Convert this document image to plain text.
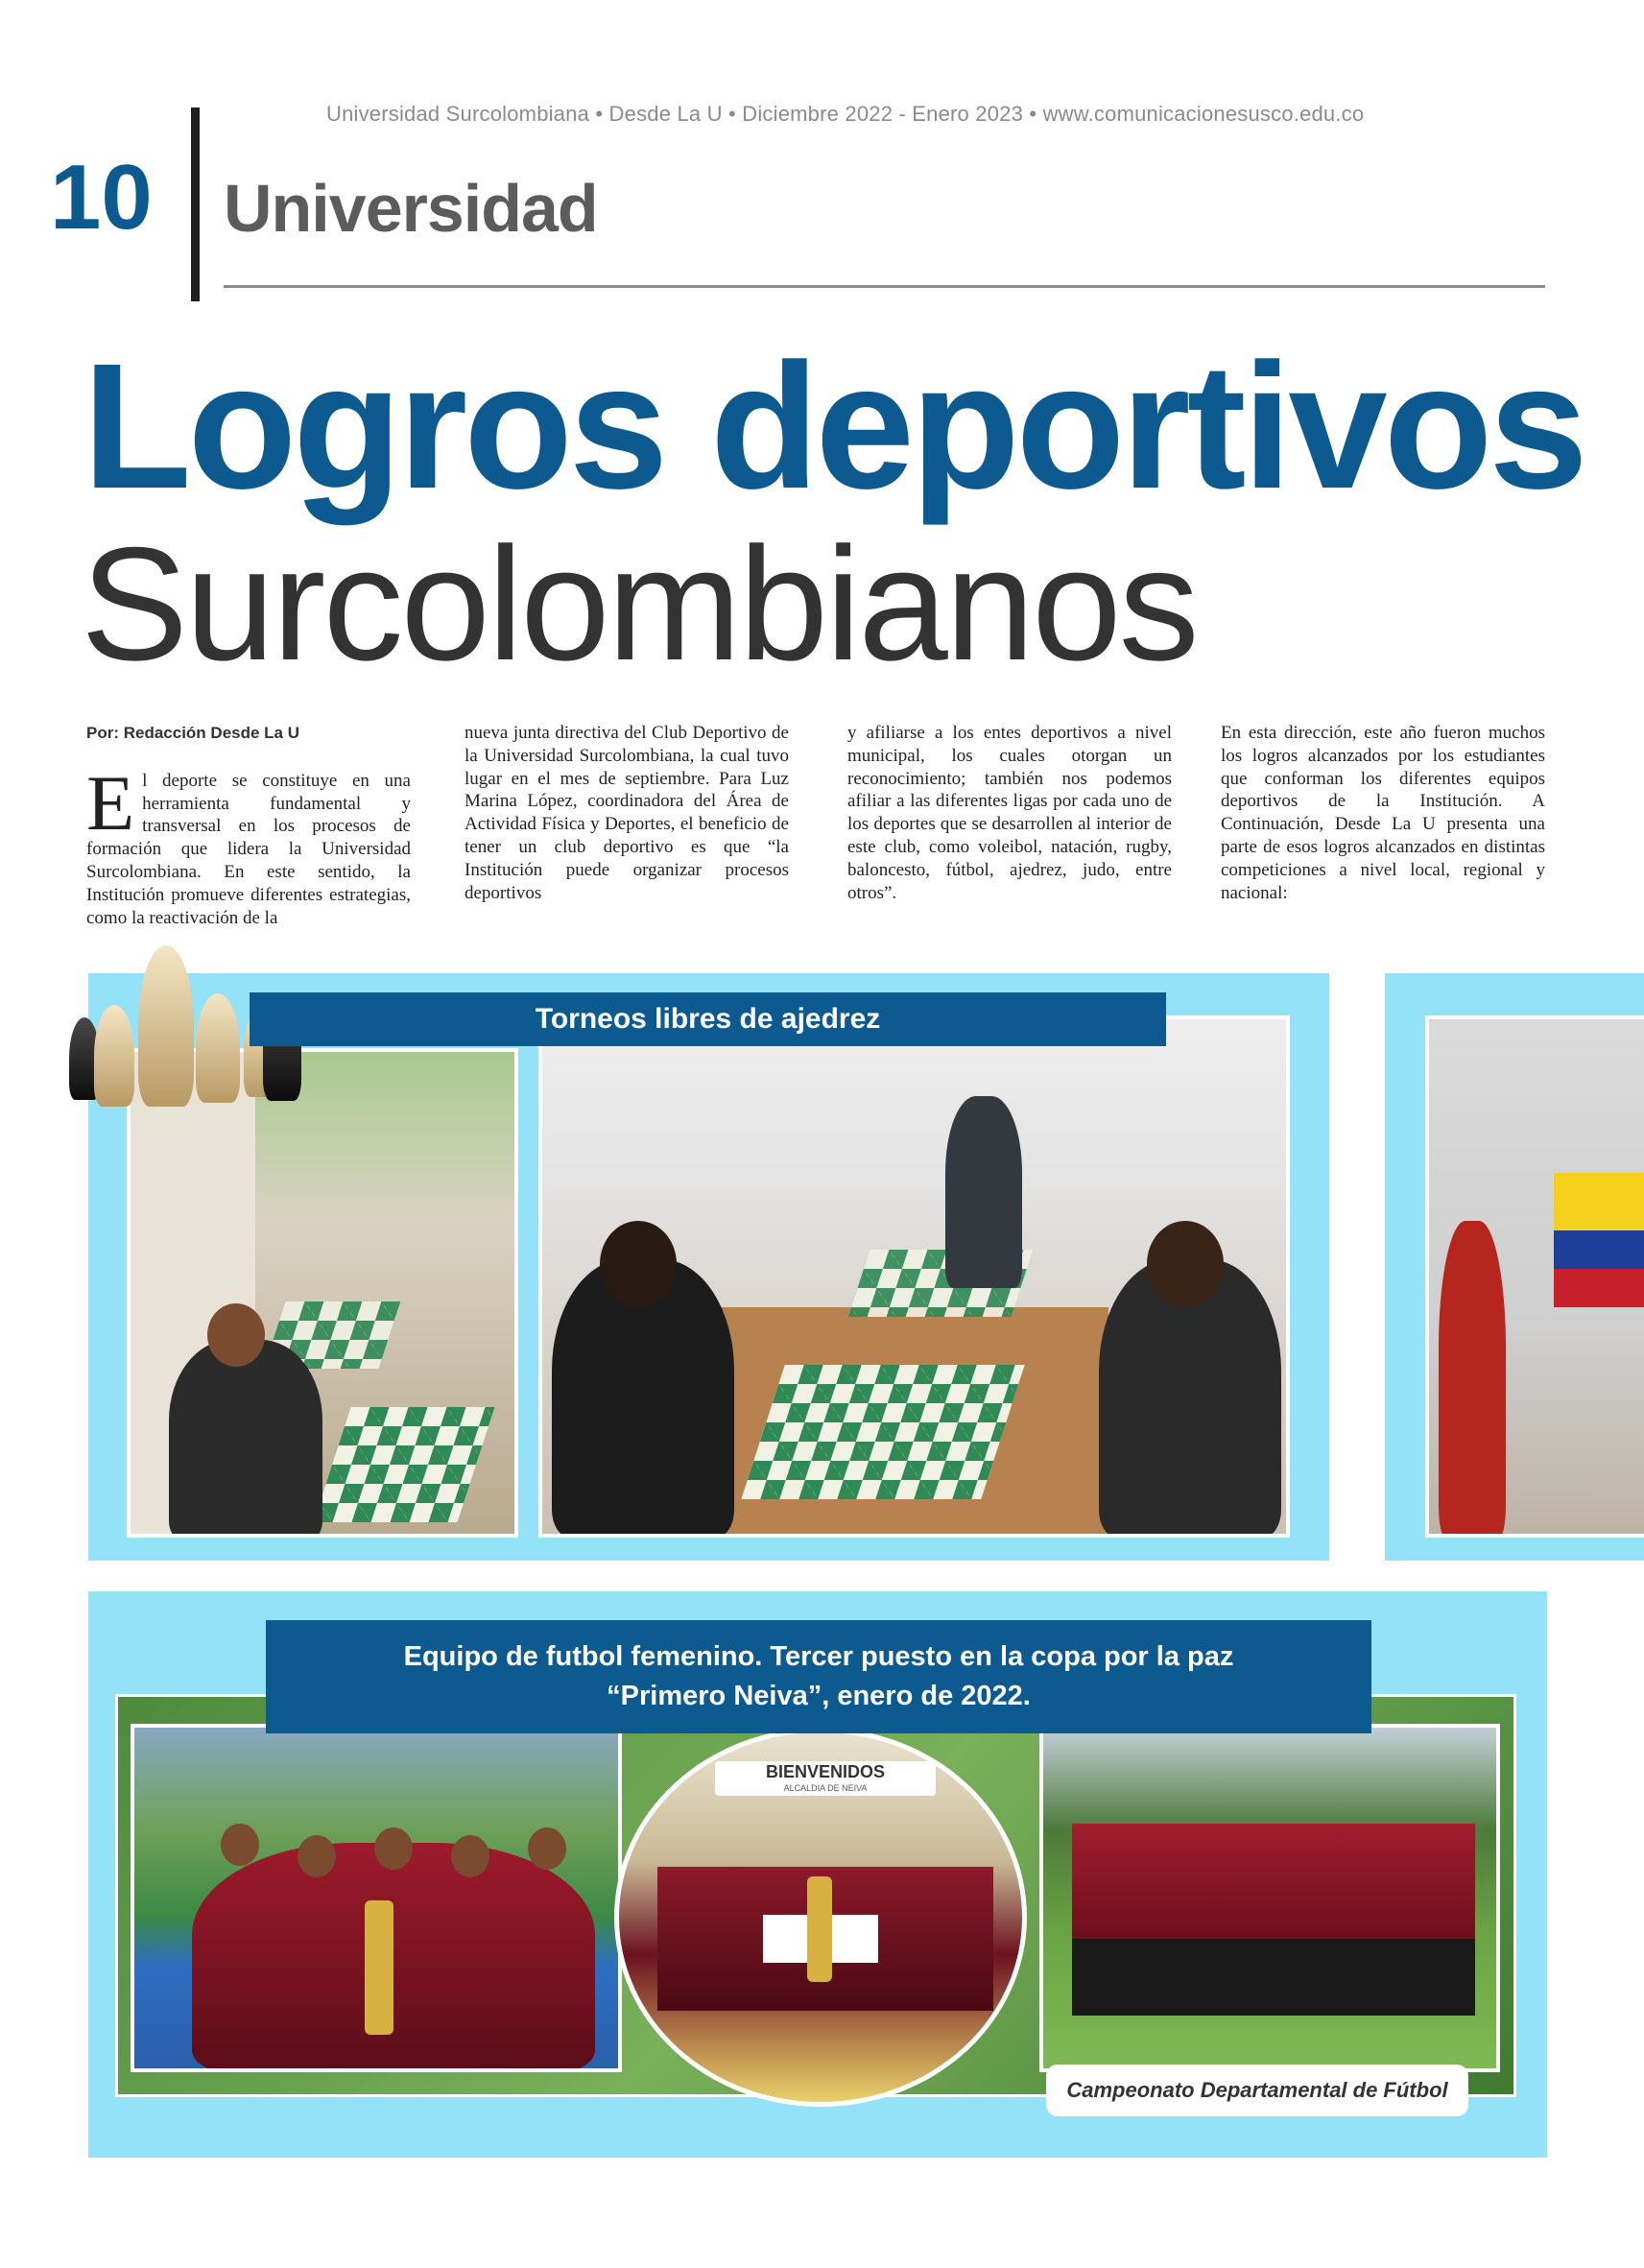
Universidad Surcolombiana • Desde La U • Diciembre 2022 - Enero 2023 • www.comunicacionesusco.edu.co
10 Universidad
Logros deportivos
Surcolombianos
Por: Redacción Desde La U
E l deporte se constituye en una herramienta fundamental y transversal en los procesos de formación que lidera la Universidad Surcolombiana. En este sentido, la Institución promueve diferentes estrategias, como la reactivación de la
nueva junta directiva del Club Deportivo de la Universidad Surcolombiana, la cual tuvo lugar en el mes de septiembre. Para Luz Marina López, coordinadora del Área de Actividad Física y Deportes, el beneficio de tener un club deportivo es que “la Institución puede organizar procesos deportivos
y afiliarse a los entes deportivos a nivel municipal, los cuales otorgan un reconocimiento; también nos podemos afiliar a las diferentes ligas por cada uno de los deportes que se desarrollen al interior de este club, como voleibol, natación, rugby, baloncesto, fútbol, ajedrez, judo, entre otros”.
En esta dirección, este año fueron muchos los logros alcanzados por los estudiantes que conforman los diferentes equipos deportivos de la Institución. A Continuación, Desde La U presenta una parte de esos logros alcanzados en distintas competiciones a nivel local, regional y nacional:
Torneos libres de ajedrez
BIENVENIDOS
ALCALDIA DE NEIVA
Equipo de futbol femenino. Tercer puesto en la copa por la paz
“Primero Neiva”, enero de 2022.
Campeonato Departamental de Fútbol
